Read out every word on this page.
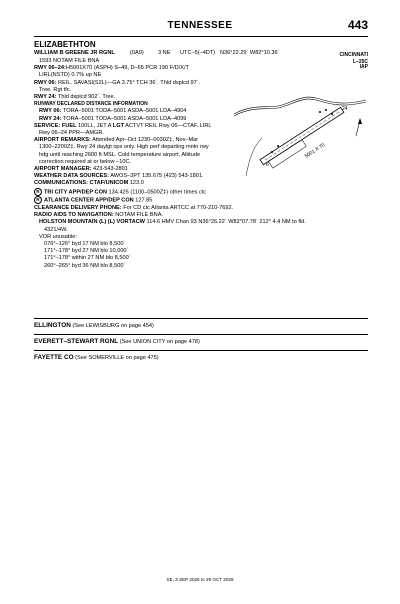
TENNESSEE	443
5001 X 70
6
24
ELIZABETHTON
WILLIAM B GREENE JR RGNL	(0A9)	3 NE UTC–5(–4DT) N36°22.29´ W82°10.36´	CINCINNATI
1593 NOTAM FILE BNA	L–25C
RWY 06–24: H5001X70 (ASPH) S–49, D–65 PCR 190 F/D/X/T	IAP
LIRL(NSTD) 0.7% up NE
RWY 06: REIL. SAVASI(S2L)—GA 3.75° TCH 36´. Thld dsplcd 97´.
Tree. Rgt tfc.
RWY 24: Thld dsplcd 902´. Tree.
RUNWAY DECLARED DISTANCE INFORMATION
RWY 06: TORA–5001 TODA–5001 ASDA–5001 LDA–4904
RWY 24: TORA–5001 TODA–5001 ASDA–5001 LDA–4099
SERVICE: FUEL 100LL, JET A LGT ACTVT REIL Rwy 06—CTAF. LIRL
Rwy 06–24 PPR—AMGR.
AIRPORT REMARKS: Attended Apr–Oct 1230–0030Z‡, Nov–Mar
1300–2200Z‡. Rwy 24 daylgt ops only. High perf departing mntn rwy
hdg until reaching 2600 ft MSL. Cold temperature airport. Altitude
correction required at or below –10C.
AIRPORT MANAGER: 423-543-2801
WEATHER DATA SOURCES: AWOS–3PT 135.675 (423) 543-1801.
COMMUNICATIONS: CTAF/UNICOM 123.0
R TRI CITY APP/DEP CON 134.425 (1100–0500Z‡) other times ctc
R ATLANTA CENTER APP/DEP CON 127.85
CLEARANCE DELIVERY PHONE: For CD ctc Atlanta ARTCC at 770-210-7692.
RADIO AIDS TO NAVIGATION: NOTAM FILE BNA.
HOLSTON MOUNTAIN (L) (L) VORTACW 114.6 HMV Chan 93 N36°26.22´ W82°07.78´ 212° 4.4 NM to fld.
4321/4W.
VOR unusable:
076°–126° byd 17 NM blo 8,500´
171°–178° byd 27 NM blo 10,000´
171°–178° within 27 NM blo 8,500´
260°–265° byd 36 NM blo 8,500´
ELLINGTON (See LEWISBURG on page 454)
EVERETT–STEWART RGNL (See UNION CITY on page 478)
FAYETTE CO (See SOMERVILLE on page 475)
SE, 3 SEP 2026 to 29 OCT 2026
